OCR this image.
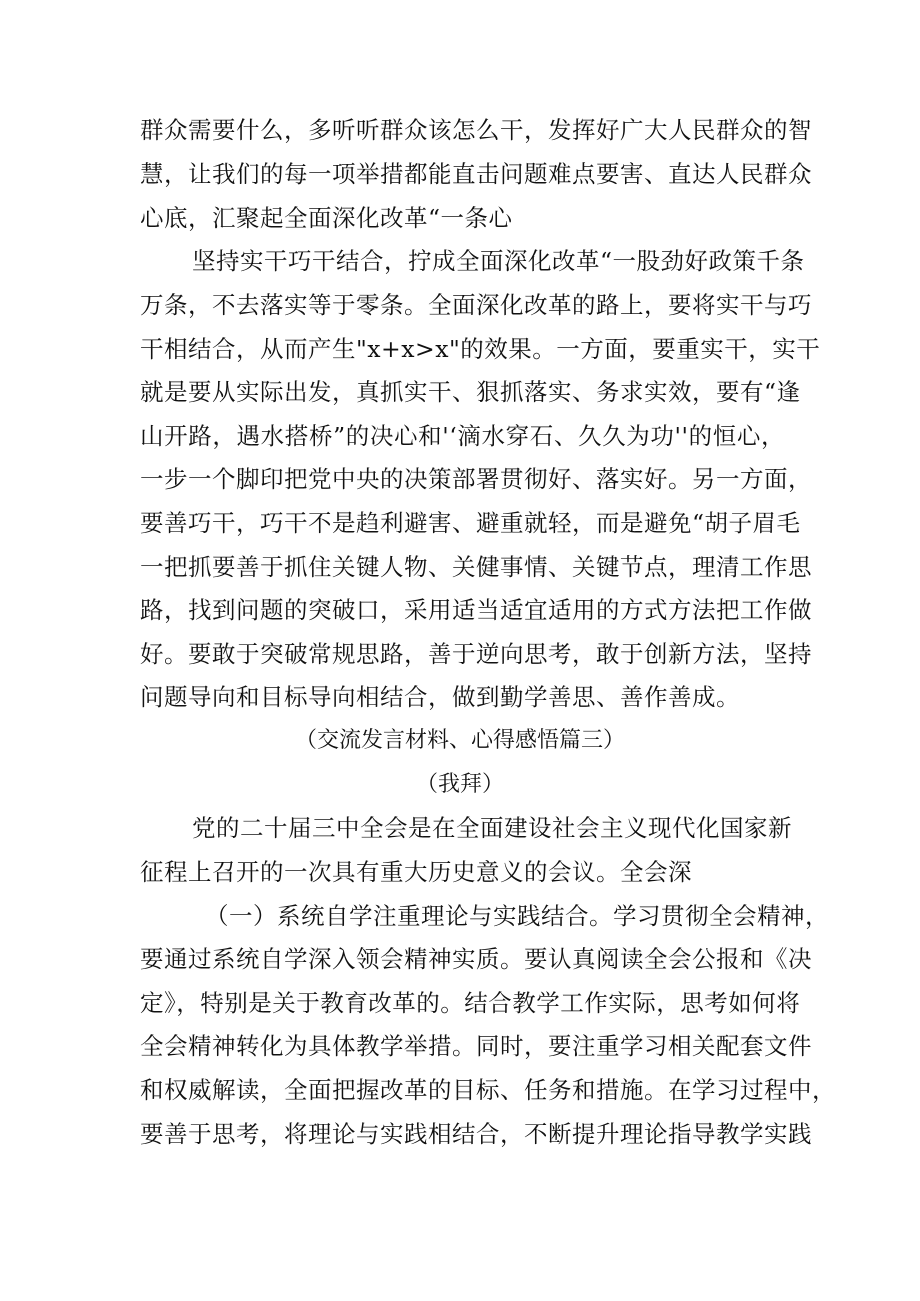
群众需要什么，多听听群众该怎么干，发挥好广大人民群众的智
慧，让我们的每一项举措都能直击问题难点要害、直达人民群众
心底，汇聚起全面深化改革“一条心
坚持实干巧干结合，拧成全面深化改革“一股劲好政策千条
万条，不去落实等于零条。全面深化改革的路上，要将实干与巧
干相结合，从而产生"x+x>x"的效果。一方面，要重实干，实干
就是要从实际出发，真抓实干、狠抓落实、务求实效，要有“逢
山开路，遇水搭桥”的决心和'‘滴水穿石、久久为功''的恒心，
一步一个脚印把党中央的决策部署贯彻好、落实好。另一方面，
要善巧干，巧干不是趋利避害、避重就轻，而是避免“胡子眉毛
一把抓要善于抓住关键人物、关健事情、关键节点，理清工作思
路，找到问题的突破口，采用适当适宜适用的方式方法把工作做
好。要敢于突破常规思路，善于逆向思考，敢于创新方法，坚持
问题导向和目标导向相结合，做到勤学善思、善作善成。
（交流发言材料、心得感悟篇三）
（我拜）
党的二十届三中全会是在全面建设社会主义现代化国家新
征程上召开的一次具有重大历史意义的会议。全会深
（一）系统自学注重理论与实践结合。学习贯彻全会精神，
要通过系统自学深入领会精神实质。要认真阅读全会公报和《决
定》，特别是关于教育改革的。结合教学工作实际，思考如何将
全会精神转化为具体教学举措。同时，要注重学习相关配套文件
和权威解读，全面把握改革的目标、任务和措施。在学习过程中，
要善于思考，将理论与实践相结合，不断提升理论指导教学实践
